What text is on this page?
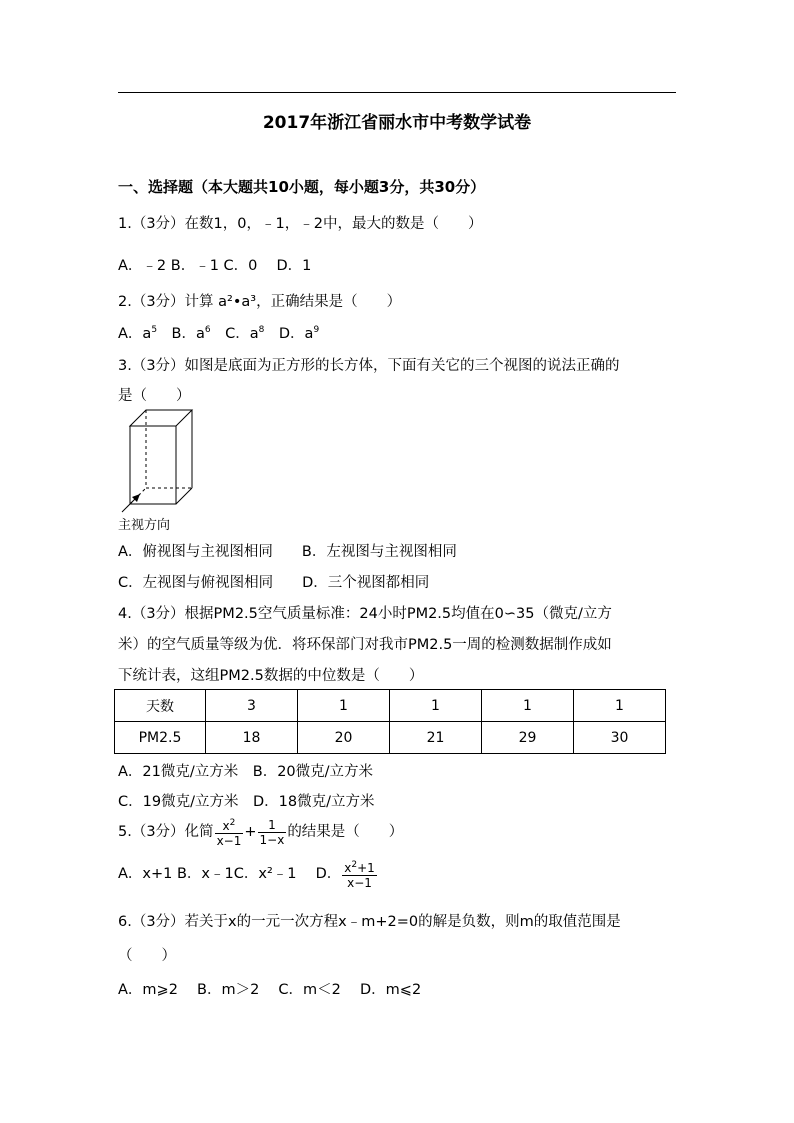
2017年浙江省丽水市中考数学试卷
一、选择题（本大题共10小题，每小题3分，共30分）
1.（3分）在数1，0，﹣1，﹣2中，最大的数是（　　）
A．﹣2 B．﹣1 C．0　 D．1
2.（3分）计算 a²•a³，正确结果是（　　）
A．$a^5$　B．$a^6$　C．$a^8$　D．$a^9$
3.（3分）如图是底面为正方形的长方体，下面有关它的三个视图的说法正确的
是（　　）
主视方向
A．俯视图与主视图相同　　B．左视图与主视图相同
C．左视图与俯视图相同　　D．三个视图都相同
4.（3分）根据PM2.5空气质量标准：24小时PM2.5均值在0∽35（微克/立方
米）的空气质量等级为优．将环保部门对我市PM2.5一周的检测数据制作成如
下统计表，这组PM2.5数据的中位数是（　　）
天数	3	1	1	1	1
PM2.5	18	20	21	29	30
A．21微克/立方米　B．20微克/立方米
C．19微克/立方米　D．18微克/立方米
5.（3分）化简 $\frac{x^2}{x-1} + \frac{1}{1-x}$ 的结果是（　　）
A．x+1 B．x﹣1C．x²﹣1　 D． $\frac{x^2+1}{x-1}$
6.（3分）若关于x的一元一次方程x﹣m+2=0的解是负数，则m的取值范围是
（　　）
A．m⩾2　 B．m＞2　 C．m＜2　 D．m⩽2
